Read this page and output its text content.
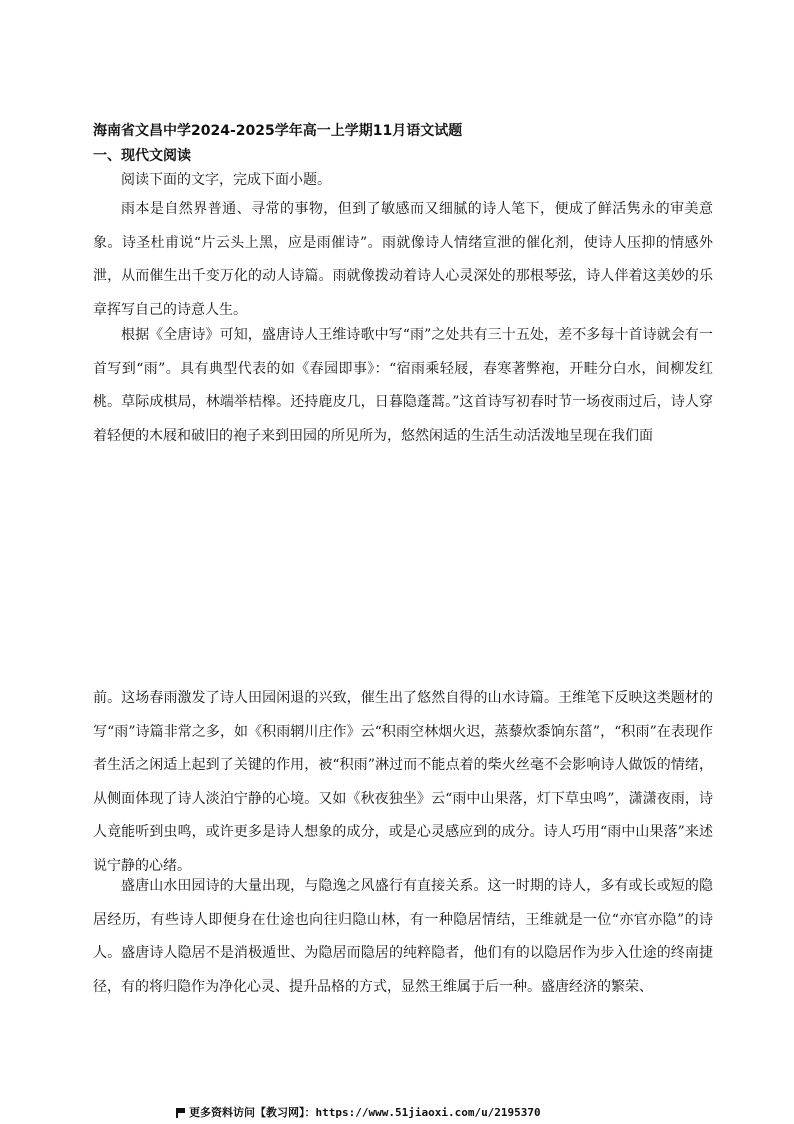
海南省文昌中学2024-2025学年高一上学期11月语文试题
一、现代文阅读

阅读下面的文字，完成下面小题。

雨本是自然界普通、寻常的事物，但到了敏感而又细腻的诗人笔下，便成了鲜活隽永的审美意象。诗圣杜甫说“片云头上黑，应是雨催诗”。雨就像诗人情绪宣泄的催化剂，使诗人压抑的情感外泄，从而催生出千变万化的动人诗篇。雨就像拨动着诗人心灵深处的那根琴弦，诗人伴着这美妙的乐章挥写自己的诗意人生。

根据《全唐诗》可知，盛唐诗人王维诗歌中写“雨”之处共有三十五处，差不多每十首诗就会有一首写到“雨”。具有典型代表的如《春园即事》：“宿雨乘轻屐，春寒著弊袍，开畦分白水，间柳发红桃。草际成棋局，林端举桔槔。还持鹿皮几，日暮隐蓬蒿。”这首诗写初春时节一场夜雨过后，诗人穿着轻便的木屐和破旧的袍子来到田园的所见所为，悠然闲适的生活生动活泼地呈现在我们面

前。这场春雨激发了诗人田园闲退的兴致，催生出了悠然自得的山水诗篇。王维笔下反映这类题材的写“雨”诗篇非常之多，如《积雨辋川庄作》云“积雨空林烟火迟，蒸藜炊黍饷东菑”，“积雨”在表现作者生活之闲适上起到了关键的作用，被“积雨”淋过而不能点着的柴火丝毫不会影响诗人做饭的情绪，从侧面体现了诗人淡泊宁静的心境。又如《秋夜独坐》云“雨中山果落，灯下草虫鸣”，潇潇夜雨，诗人竟能听到虫鸣，或许更多是诗人想象的成分，或是心灵感应到的成分。诗人巧用“雨中山果落”来述说宁静的心绪。

盛唐山水田园诗的大量出现，与隐逸之风盛行有直接关系。这一时期的诗人，多有或长或短的隐居经历，有些诗人即便身在仕途也向往归隐山林，有一种隐居情结，王维就是一位“亦官亦隐”的诗人。盛唐诗人隐居不是消极遁世、为隐居而隐居的纯粹隐者，他们有的以隐居作为步入仕途的终南捷径，有的将归隐作为净化心灵、提升品格的方式，显然王维属于后一种。盛唐经济的繁荣、

更多资料访问【教习网】：https://www.51jiaoxi.com/u/2195370
